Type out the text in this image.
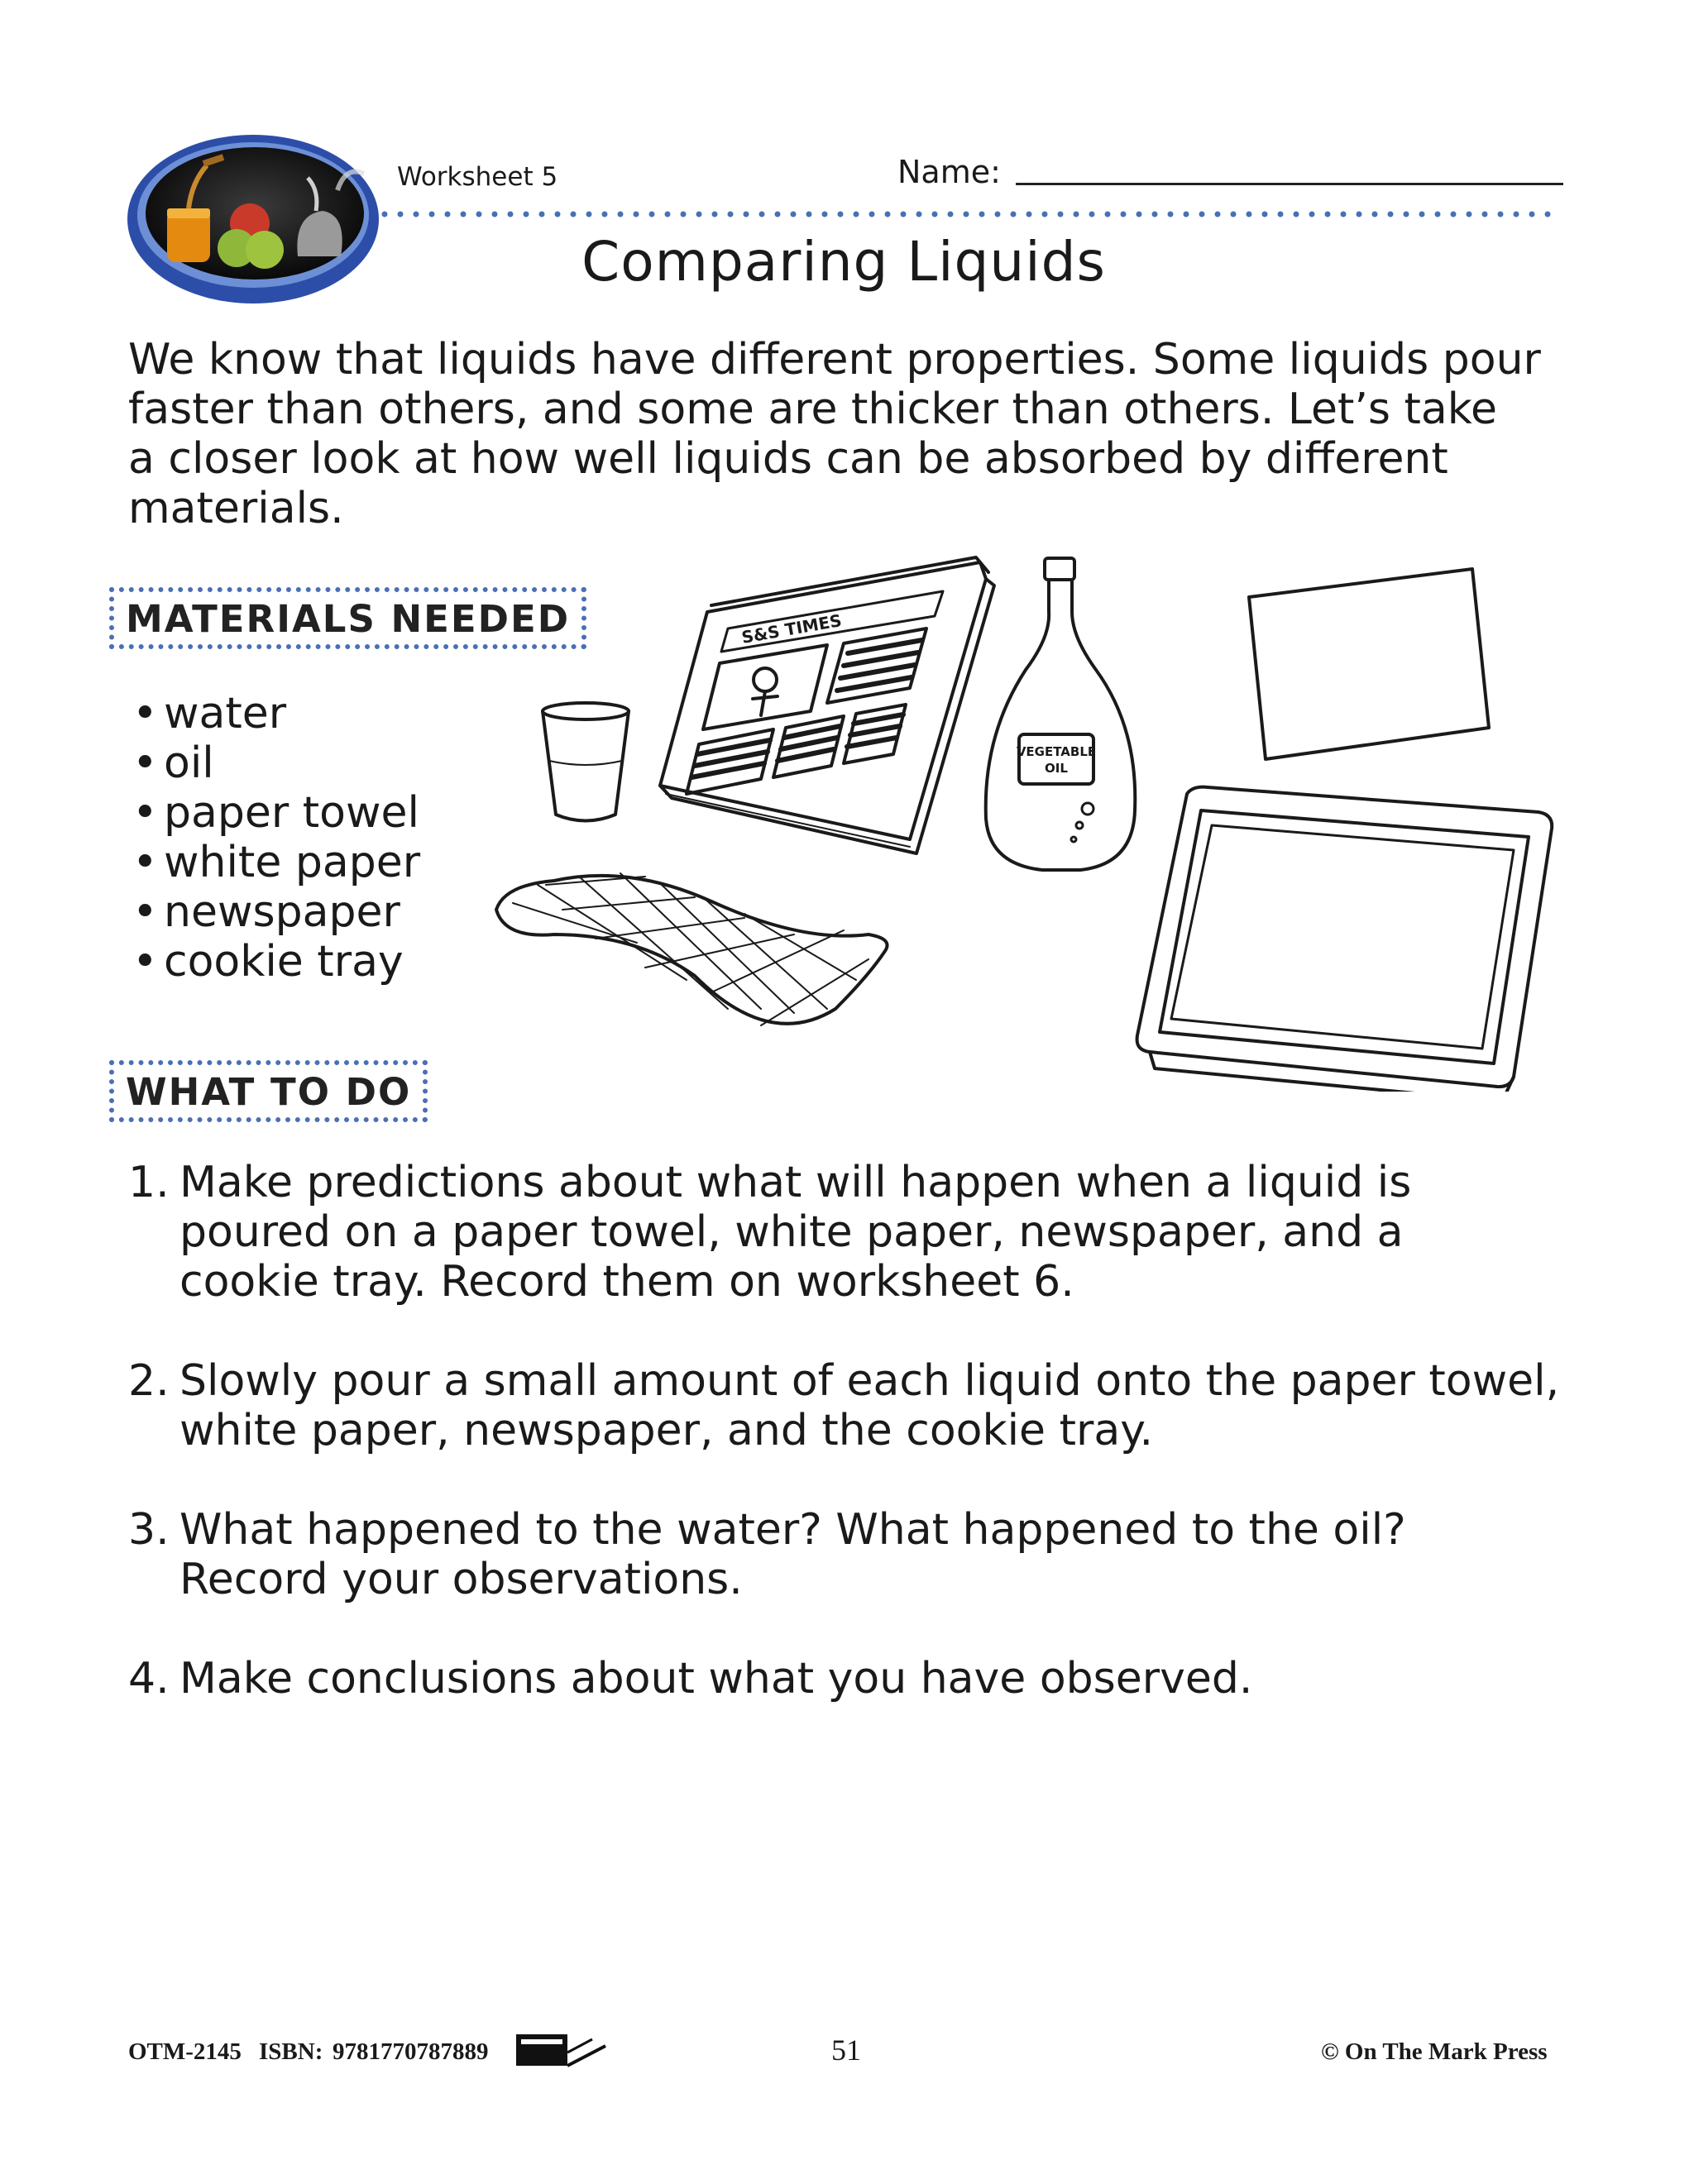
Worksheet 5	Name:
Comparing Liquids
We know that liquids have different properties. Some liquids pour
faster than others, and some are thicker than others. Let’s take
a closer look at how well liquids can be absorbed by different
materials.
MATERIALS NEEDED
• water
• oil
• paper towel
• white paper
• newspaper
• cookie tray
S&S TIMES
VEGETABLE
OIL
WHAT TO DO
1. Make predictions about what will happen when a liquid is
poured on a paper towel, white paper, newspaper, and a
cookie tray. Record them on worksheet 6.
2. Slowly pour a small amount of each liquid onto the paper towel,
white paper, newspaper, and the cookie tray.
3. What happened to the water? What happened to the oil?
Record your observations.
4. Make conclusions about what you have observed.
OTM-2145 ISBN: 9781770787889	51	© On The Mark Press
